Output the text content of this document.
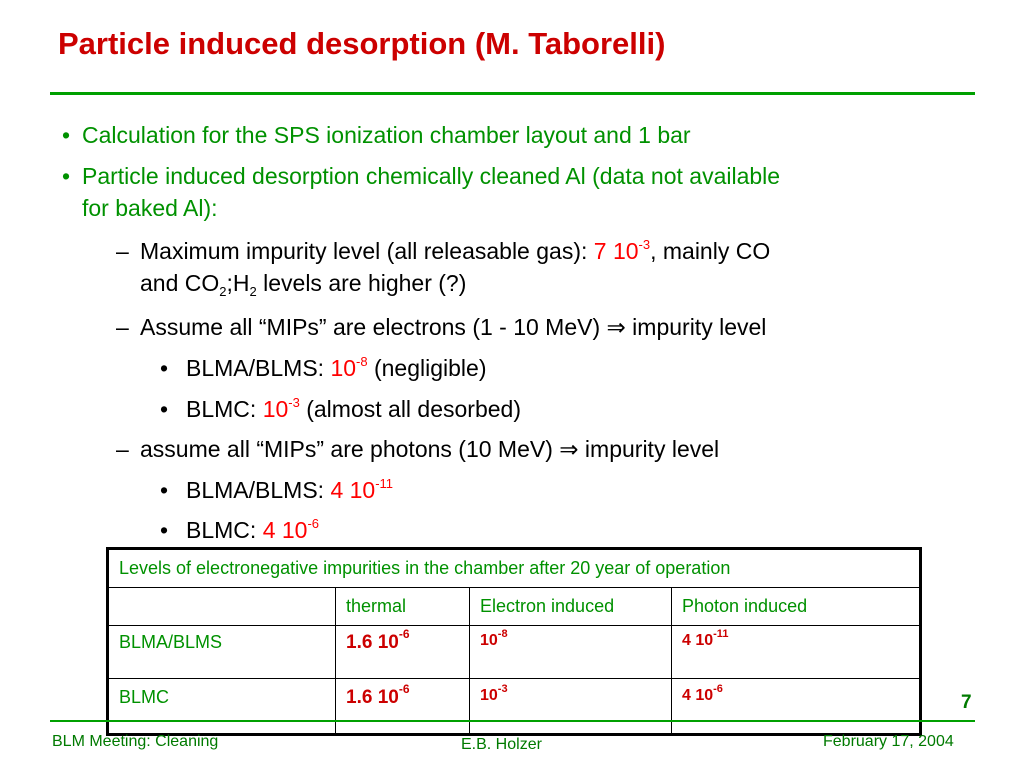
Particle induced desorption (M. Taborelli)
• Calculation for the SPS ionization chamber layout and 1 bar
• Particle induced desorption chemically cleaned Al (data not available
for baked Al):
– Maximum impurity level (all releasable gas): 7 $10^{-3}$, mainly CO
and $CO_2;H_2$ levels are higher (?)
– Assume all “MIPs” are electrons (1 - 10 MeV) ⇒ impurity level
• BLMA/BLMS: $10^{-8}$ (negligible)
• BLMC: $10^{-3}$ (almost all desorbed)
– assume all “MIPs” are photons (10 MeV) ⇒ impurity level
• BLMA/BLMS: 4 $10^{-11}$
• BLMC: 4 $10^{-6}$
Levels of electronegative impurities in the chamber after 20 year of operation			
	thermal	Electron induced	Photon induced
BLMA/BLMS	1.6 $10^{-6}$	$10^{-8}$	4 $10^{-11}$
BLMC	1.6 $10^{-6}$	$10^{-3}$	4 $10^{-6}$
7
BLM Meeting: Cleaning	E.B. Holzer	February 17, 2004
